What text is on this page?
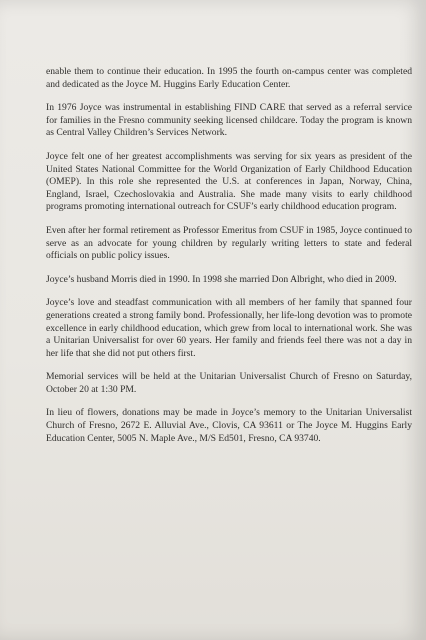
enable them to continue their education. In 1995 the fourth on-campus center was completed and dedicated as the Joyce M. Huggins Early Education Center.

In 1976 Joyce was instrumental in establishing FIND CARE that served as a referral service for families in the Fresno community seeking licensed childcare. Today the program is known as Central Valley Children’s Services Network.

Joyce felt one of her greatest accomplishments was serving for six years as president of the United States National Committee for the World Organization of Early Childhood Education (OMEP). In this role she represented the U.S. at conferences in Japan, Norway, China, England, Israel, Czechoslovakia and Australia. She made many visits to early childhood programs promoting international outreach for CSUF’s early childhood education program.

Even after her formal retirement as Professor Emeritus from CSUF in 1985, Joyce continued to serve as an advocate for young children by regularly writing letters to state and federal officials on public policy issues.

Joyce’s husband Morris died in 1990. In 1998 she married Don Albright, who died in 2009.

Joyce’s love and steadfast communication with all members of her family that spanned four generations created a strong family bond. Professionally, her life-long devotion was to promote excellence in early childhood education, which grew from local to international work. She was a Unitarian Universalist for over 60 years. Her family and friends feel there was not a day in her life that she did not put others first.

Memorial services will be held at the Unitarian Universalist Church of Fresno on Saturday, October 20 at 1:30 PM.

In lieu of flowers, donations may be made in Joyce’s memory to the Unitarian Universalist Church of Fresno, 2672 E. Alluvial Ave., Clovis, CA 93611 or The Joyce M. Huggins Early Education Center, 5005 N. Maple Ave., M/S Ed501, Fresno, CA 93740.
